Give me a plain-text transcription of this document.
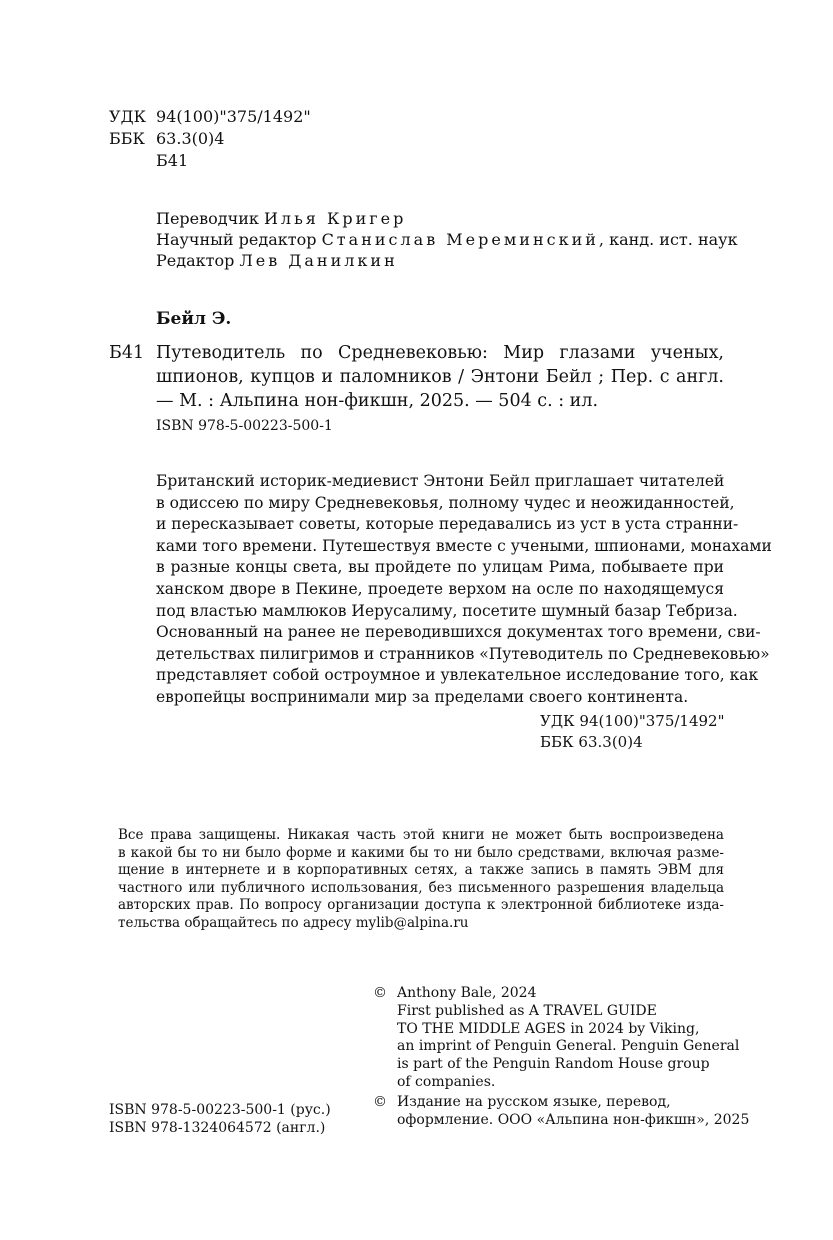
УДК 94(100)"375/1492"
ББК 63.3(0)4
Б41
Переводчик Илья Кригер
Научный редактор Станислав Мереминский, канд. ист. наук
Редактор Лев Данилкин
Бейл Э.
Б41 Путеводитель по Средневековью: Мир глазами ученых, шпионов, купцов и паломников / Энтони Бейл ; Пер. с англ. — М. : Альпина нон-фикшн, 2025. — 504 с. : ил.
ISBN 978-5-00223-500-1
Британский историк-медиевист Энтони Бейл приглашает читателей
в одиссею по миру Средневековья, полному чудес и неожиданностей,
и пересказывает советы, которые передавались из уст в уста странни-
ками того времени. Путешествуя вместе с учеными, шпионами, монахами
в разные концы света, вы пройдете по улицам Рима, побываете при
ханском дворе в Пекине, проедете верхом на осле по находящемуся
под властью мамлюков Иерусалиму, посетите шумный базар Тебриза.
Основанный на ранее не переводившихся документах того времени, сви-
детельствах пилигримов и странников «Путеводитель по Средневековью»
представляет собой остроумное и увлекательное исследование того, как
европейцы воспринимали мир за пределами своего континента.
УДК 94(100)"375/1492"
ББК 63.3(0)4
Все права защищены. Никакая часть этой книги не может быть воспроизведена
в какой бы то ни было форме и какими бы то ни было средствами, включая разме-
щение в интернете и в корпоративных сетях, а также запись в память ЭВМ для
частного или публичного использования, без письменного разрешения владельца
авторских прав. По вопросу организации доступа к электронной библиотеке изда-
тельства обращайтесь по адресу mylib@alpina.ru
© Anthony Bale, 2024
First published as A TRAVEL GUIDE
TO THE MIDDLE AGES in 2024 by Viking,
an imprint of Penguin General. Penguin General
is part of the Penguin Random House group
of companies.
© Издание на русском языке, перевод,
оформление. ООО «Альпина нон-фикшн», 2025
ISBN 978-5-00223-500-1 (рус.)
ISBN 978-1324064572 (англ.)
